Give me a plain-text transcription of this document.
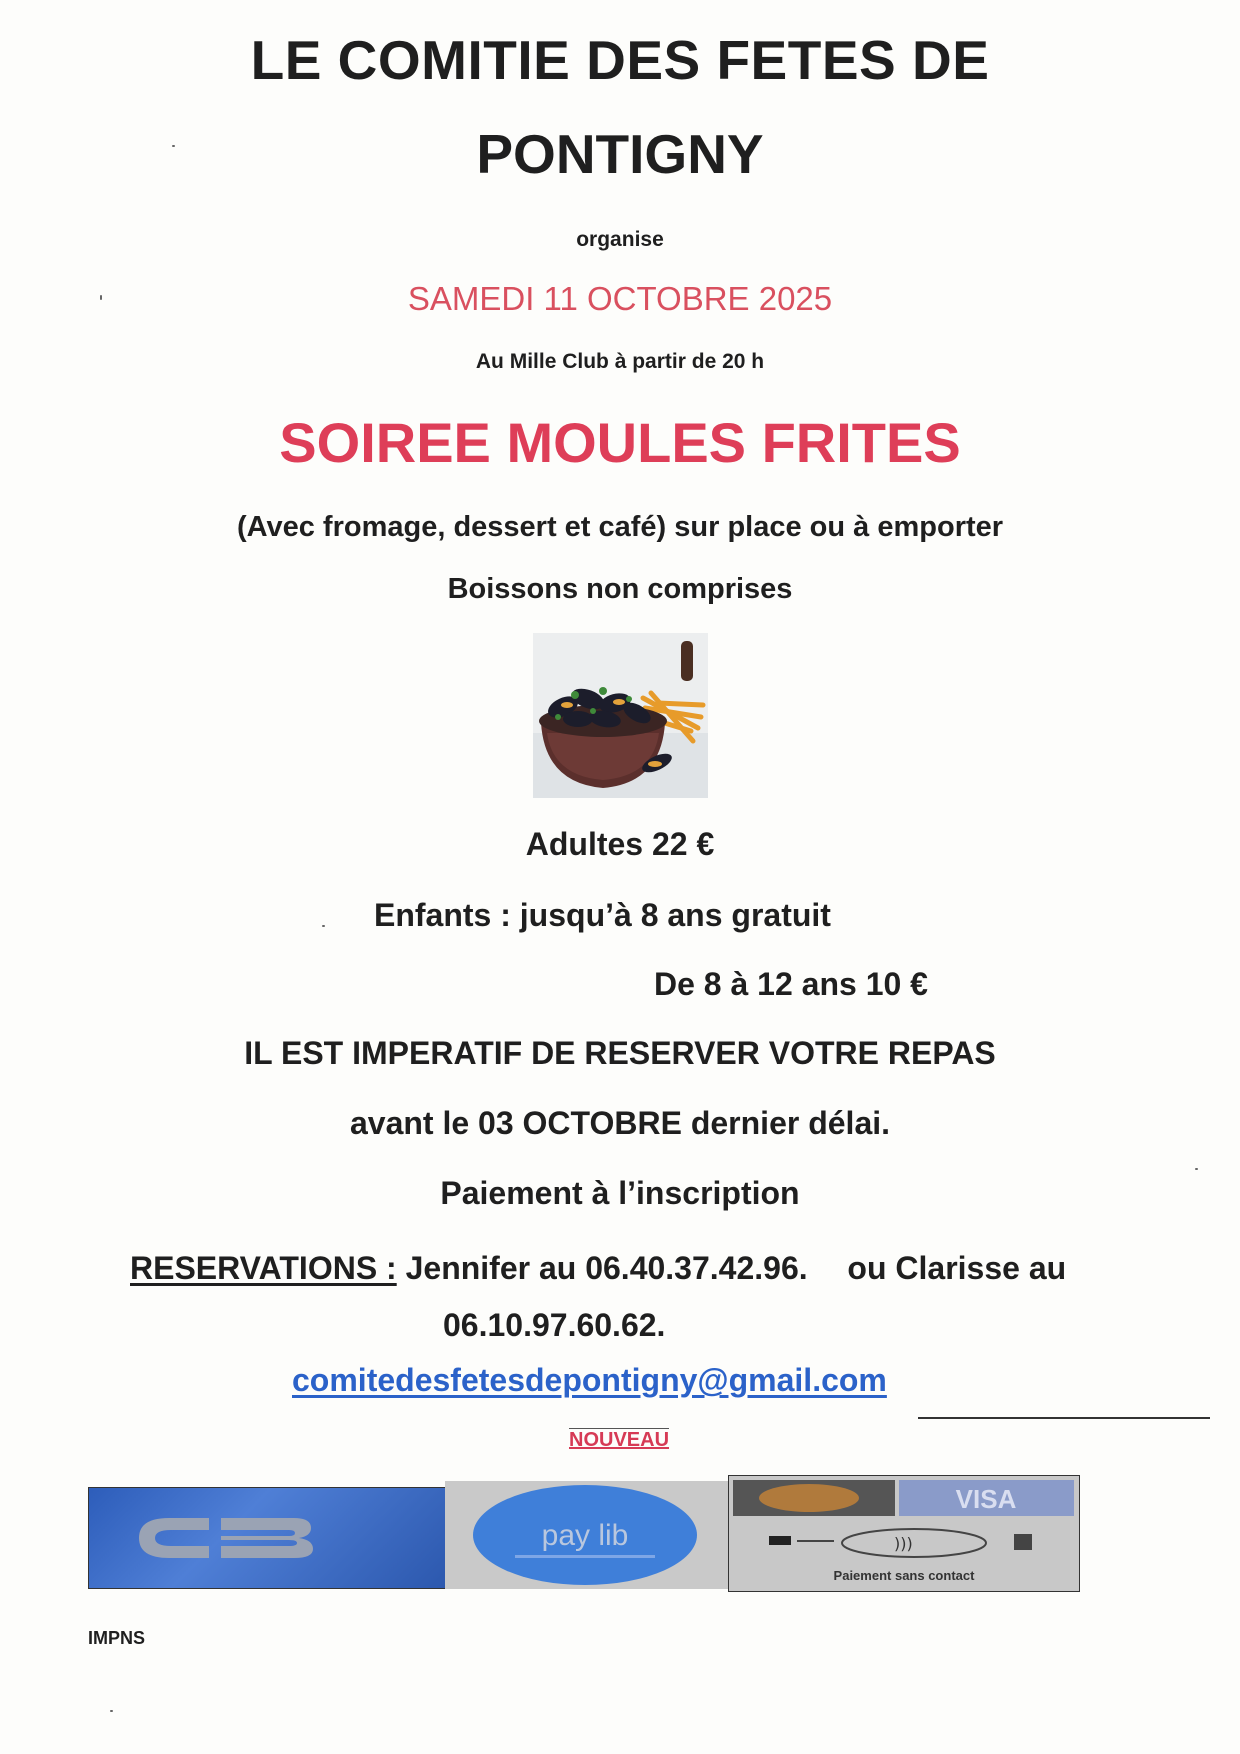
LE COMITIE DES FETES DE
PONTIGNY
organise
SAMEDI 11 OCTOBRE 2025
Au Mille Club à partir de 20 h
SOIREE MOULES FRITES
(Avec fromage, dessert et café) sur place ou à emporter
Boissons non comprises
Adultes 22 €
Enfants : jusqu’à 8 ans gratuit
De 8 à 12 ans 10 €
IL EST IMPERATIF DE RESERVER VOTRE REPAS
avant le 03 OCTOBRE dernier délai.
Paiement à l’inscription
RESERVATIONS : Jennifer au 06.40.37.42.96. ou Clarisse au
06.10.97.60.62.
comitedesfetesdepontigny@gmail.com
NOUVEAU
pay lib
VISA
)))
Paiement sans contact
IMPNS
